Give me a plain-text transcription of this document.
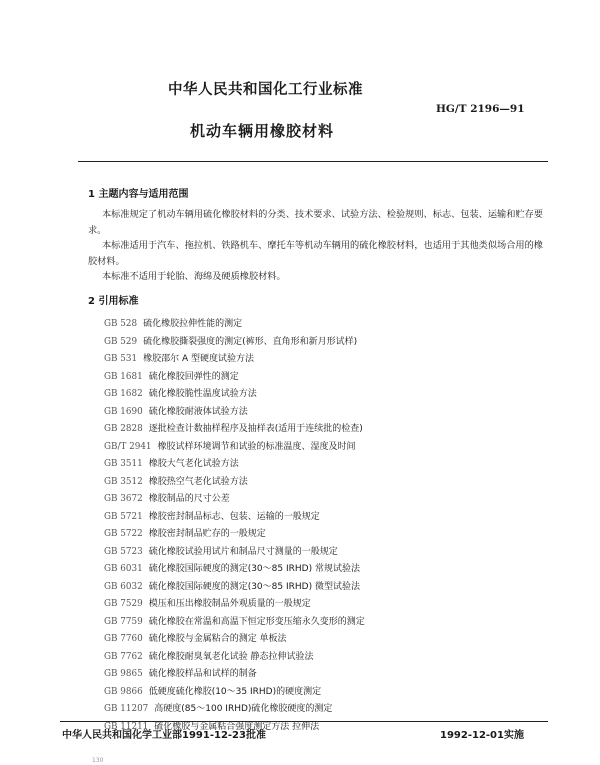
中华人民共和国化工行业标准
HG/T 2196—91
机动车辆用橡胶材料
1 主题内容与适用范围
本标准规定了机动车辆用硫化橡胶材料的分类、技术要求、试验方法、检验规则、标志、包装、运输和贮存要求。
本标准适用于汽车、拖拉机、铁路机车、摩托车等机动车辆用的硫化橡胶材料，也适用于其他类似场合用的橡胶材料。
本标准不适用于轮胎、海绵及硬质橡胶材料。
2 引用标准
GB 528 硫化橡胶拉伸性能的测定
GB 529 硫化橡胶撕裂强度的测定(裤形、直角形和新月形试样)
GB 531 橡胶邵尔 A 型硬度试验方法
GB 1681 硫化橡胶回弹性的测定
GB 1682 硫化橡胶脆性温度试验方法
GB 1690 硫化橡胶耐液体试验方法
GB 2828 逐批检查计数抽样程序及抽样表(适用于连续批的检查)
GB/T 2941 橡胶试样环境调节和试验的标准温度、湿度及时间
GB 3511 橡胶大气老化试验方法
GB 3512 橡胶热空气老化试验方法
GB 3672 橡胶制品的尺寸公差
GB 5721 橡胶密封制品标志、包装、运输的一般规定
GB 5722 橡胶密封制品贮存的一般规定
GB 5723 硫化橡胶试验用试片和制品尺寸测量的一般规定
GB 6031 硫化橡胶国际硬度的测定(30～85 IRHD) 常规试验法
GB 6032 硫化橡胶国际硬度的测定(30～85 IRHD) 微型试验法
GB 7529 模压和压出橡胶制品外观质量的一般规定
GB 7759 硫化橡胶在常温和高温下恒定形变压缩永久变形的测定
GB 7760 硫化橡胶与金属粘合的测定 单板法
GB 7762 硫化橡胶耐臭氧老化试验 静态拉伸试验法
GB 9865 硫化橡胶样品和试样的制备
GB 9866 低硬度硫化橡胶(10～35 IRHD)的硬度测定
GB 11207 高硬度(85～100 IRHD)硫化橡胶硬度的测定
GB 11211 硫化橡胶与金属粘合强度测定方法 拉伸法
中华人民共和国化学工业部1991-12-23批准	1992-12-01实施
130
